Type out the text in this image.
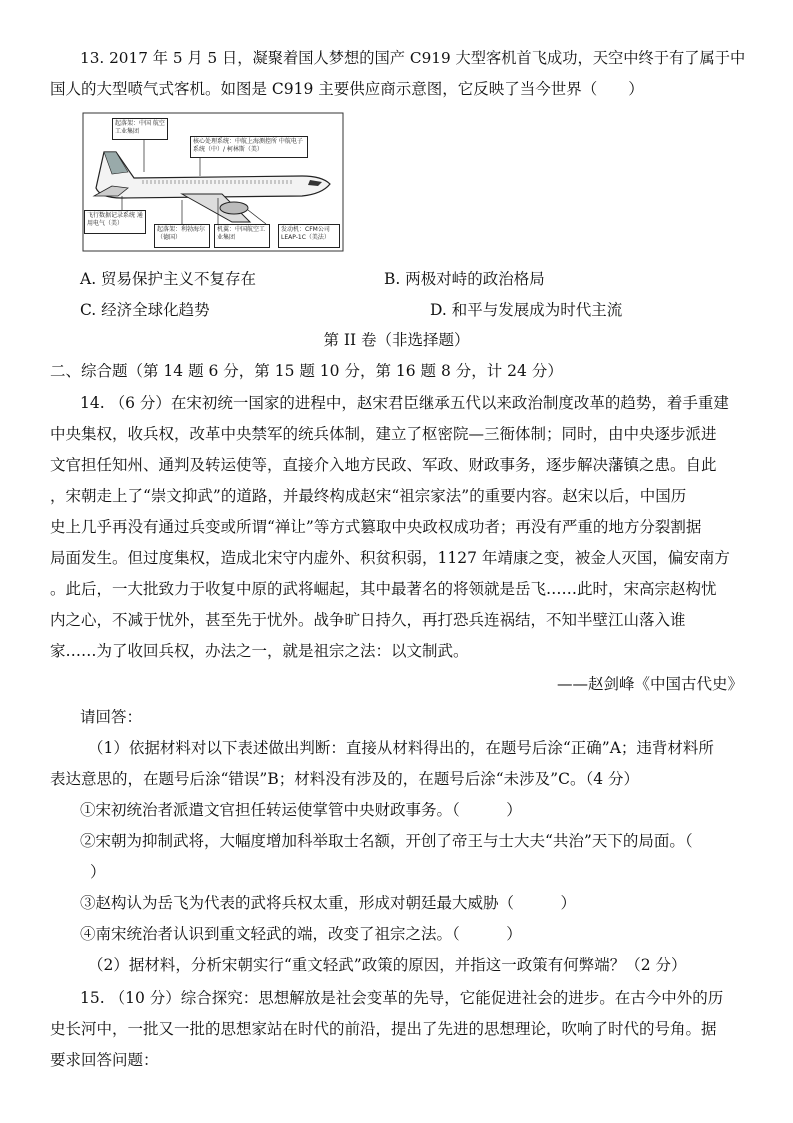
13. 2017 年 5 月 5 日，凝聚着国人梦想的国产 C919 大型客机首飞成功，天空中终于有了属于中
国人的大型喷气式客机。如图是 C919 主要供应商示意图，它反映了当今世界（　　）
起落架：中国 航空工业集团
核心处理系统：中航上海测控所 中航电子系统（中）/ 柯林斯（美）
飞行数据记录系统 通用电气（美）
起落架：利勃海尔（德国）
机翼：中国航空工业集团
发动机：CFM公司 LEAP-1C（美法）
A. 贸易保护主义不复存在	B. 两极对峙的政治格局
C. 经济全球化趋势	D. 和平与发展成为时代主流
第 II 卷（非选择题）
二、综合题（第 14 题 6 分，第 15 题 10 分，第 16 题 8 分，计 24 分）
14. （6 分）在宋初统一国家的进程中，赵宋君臣继承五代以来政治制度改革的趋势，着手重建
中央集权，收兵权，改革中央禁军的统兵体制，建立了枢密院—三衙体制；同时，由中央逐步派进
文官担任知州、通判及转运使等，直接介入地方民政、军政、财政事务，逐步解决藩镇之患。自此
，宋朝走上了“崇文抑武”的道路，并最终构成赵宋“祖宗家法”的重要内容。赵宋以后，中国历
史上几乎再没有通过兵变或所谓“禅让”等方式篡取中央政权成功者；再没有严重的地方分裂割据
局面发生。但过度集权，造成北宋守内虚外、积贫积弱，1127 年靖康之变，被金人灭国，偏安南方
。此后，一大批致力于收复中原的武将崛起，其中最著名的将领就是岳飞……此时，宋高宗赵构忧
内之心，不减于忧外，甚至先于忧外。战争旷日持久，再打恐兵连祸结，不知半壁江山落入谁
家……为了收回兵权，办法之一，就是祖宗之法：以文制武。
——赵剑峰《中国古代史》
请回答：
（1）依据材料对以下表述做出判断：直接从材料得出的，在题号后涂“正确”A；违背材料所
表达意思的，在题号后涂“错误”B；材料没有涉及的，在题号后涂“未涉及”C。（4 分）
①宋初统治者派遣文官担任转运使掌管中央财政事务。（　　　）
②宋朝为抑制武将，大幅度增加科举取士名额，开创了帝王与士大夫“共治”天下的局面。（
）
③赵构认为岳飞为代表的武将兵权太重，形成对朝廷最大威胁（　　　）
④南宋统治者认识到重文轻武的端，改变了祖宗之法。（　　　）
（2）据材料，分析宋朝实行“重文轻武”政策的原因，并指这一政策有何弊端？（2 分）
15. （10 分）综合探究：思想解放是社会变革的先导，它能促进社会的进步。在古今中外的历
史长河中，一批又一批的思想家站在时代的前沿，提出了先进的思想理论，吹响了时代的号角。据
要求回答问题：
